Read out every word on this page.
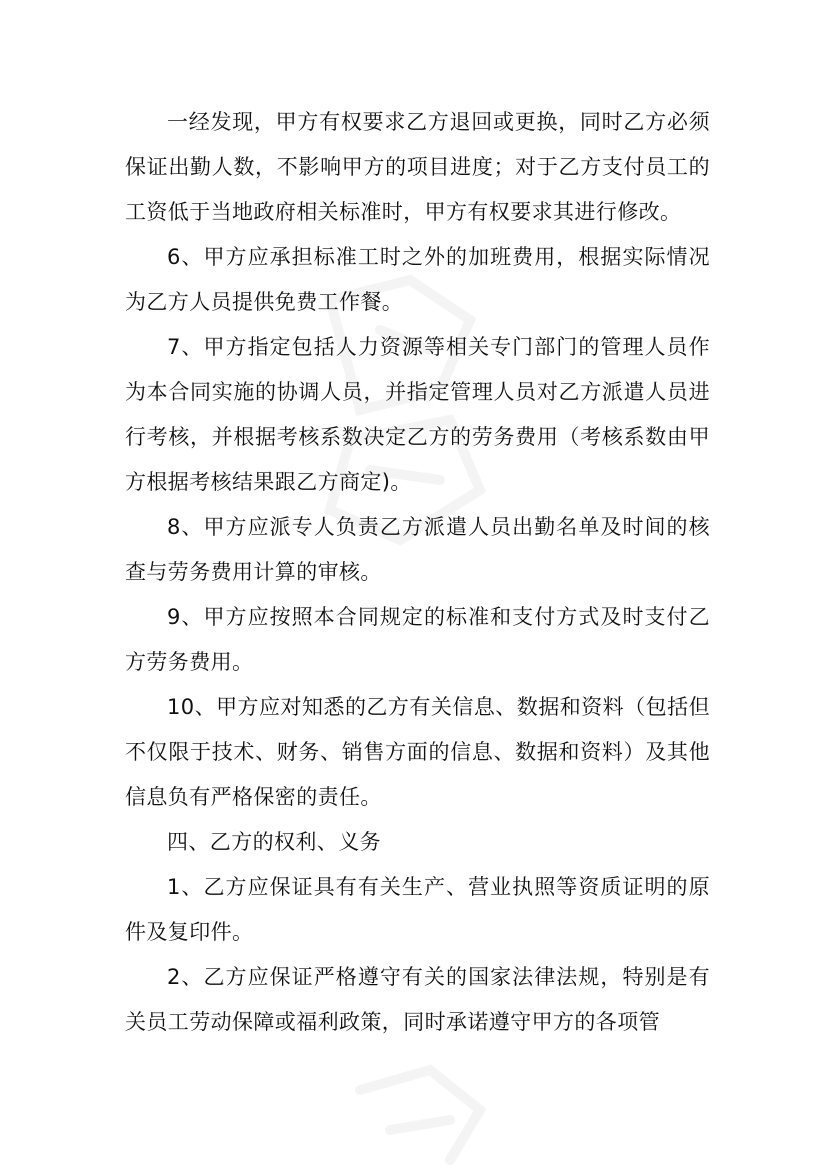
一经发现，甲方有权要求乙方退回或更换，同时乙方必须保证出勤人数，不影响甲方的项目进度；对于乙方支付员工的工资低于当地政府相关标准时，甲方有权要求其进行修改。

6、甲方应承担标准工时之外的加班费用，根据实际情况为乙方人员提供免费工作餐。

7、甲方指定包括人力资源等相关专门部门的管理人员作为本合同实施的协调人员，并指定管理人员对乙方派遣人员进行考核，并根据考核系数决定乙方的劳务费用（考核系数由甲方根据考核结果跟乙方商定)。

8、甲方应派专人负责乙方派遣人员出勤名单及时间的核查与劳务费用计算的审核。

9、甲方应按照本合同规定的标准和支付方式及时支付乙方劳务费用。

10、甲方应对知悉的乙方有关信息、数据和资料（包括但不仅限于技术、财务、销售方面的信息、数据和资料）及其他信息负有严格保密的责任。

四、乙方的权利、义务

1、乙方应保证具有有关生产、营业执照等资质证明的原件及复印件。

2、乙方应保证严格遵守有关的国家法律法规，特别是有关员工劳动保障或福利政策，同时承诺遵守甲方的各项管
